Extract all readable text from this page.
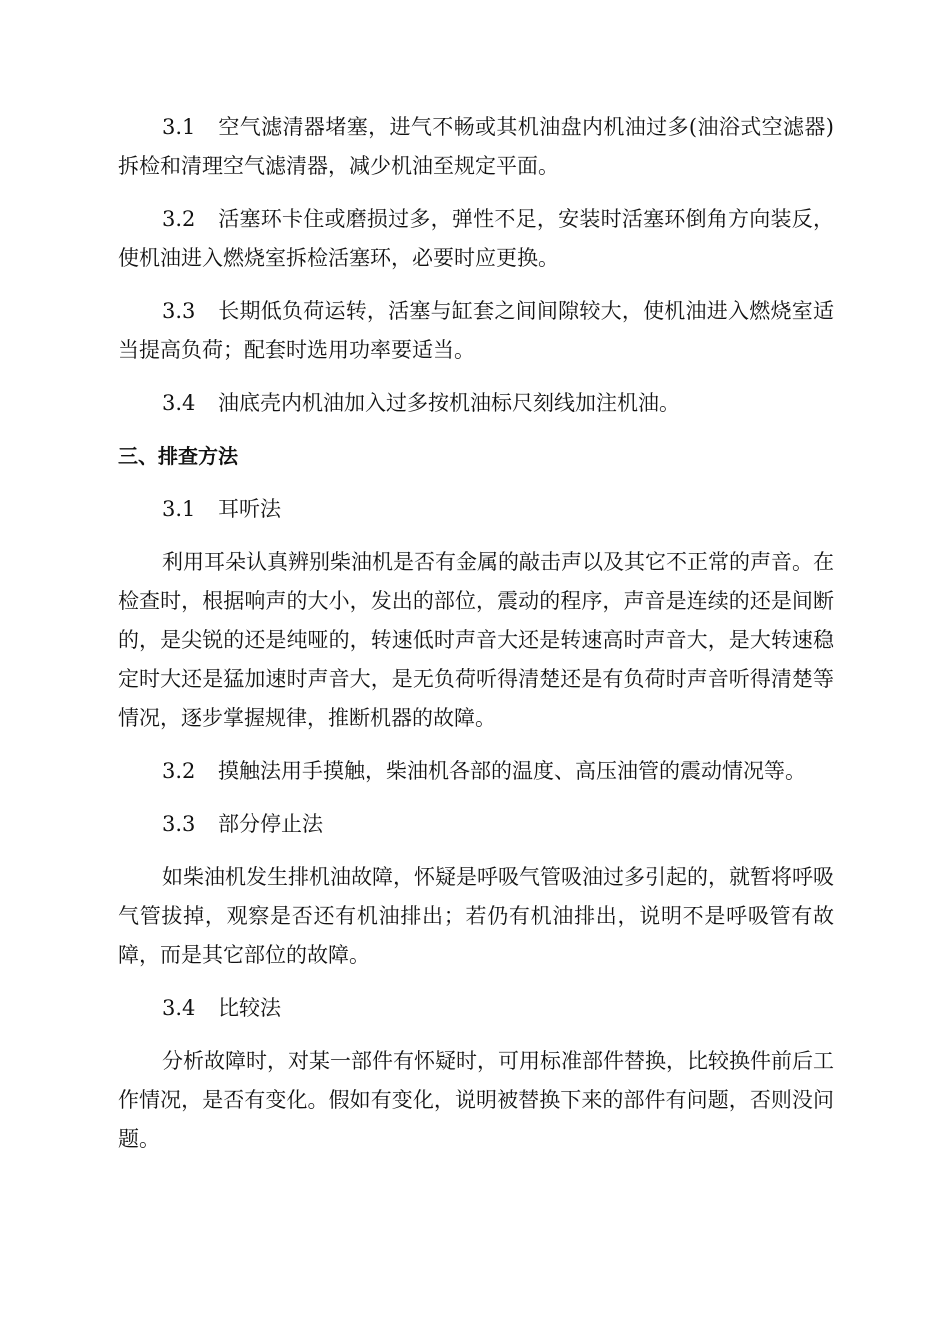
3.1 空气滤清器堵塞，进气不畅或其机油盘内机油过多(油浴式空滤器)拆检和清理空气滤清器，减少机油至规定平面。

3.2 活塞环卡住或磨损过多，弹性不足，安装时活塞环倒角方向装反，使机油进入燃烧室拆检活塞环，必要时应更换。

3.3 长期低负荷运转，活塞与缸套之间间隙较大，使机油进入燃烧室适当提高负荷；配套时选用功率要适当。

3.4 油底壳内机油加入过多按机油标尺刻线加注机油。

三、排查方法

3.1 耳听法

利用耳朵认真辨别柴油机是否有金属的敲击声以及其它不正常的声音。在检查时，根据响声的大小，发出的部位，震动的程序，声音是连续的还是间断的，是尖锐的还是纯哑的，转速低时声音大还是转速高时声音大，是大转速稳定时大还是猛加速时声音大，是无负荷听得清楚还是有负荷时声音听得清楚等情况，逐步掌握规律，推断机器的故障。

3.2 摸触法用手摸触，柴油机各部的温度、高压油管的震动情况等。

3.3 部分停止法

如柴油机发生排机油故障，怀疑是呼吸气管吸油过多引起的，就暂将呼吸气管拔掉，观察是否还有机油排出；若仍有机油排出，说明不是呼吸管有故障，而是其它部位的故障。

3.4 比较法

分析故障时，对某一部件有怀疑时，可用标准部件替换，比较换件前后工作情况，是否有变化。假如有变化，说明被替换下来的部件有问题，否则没问题。
